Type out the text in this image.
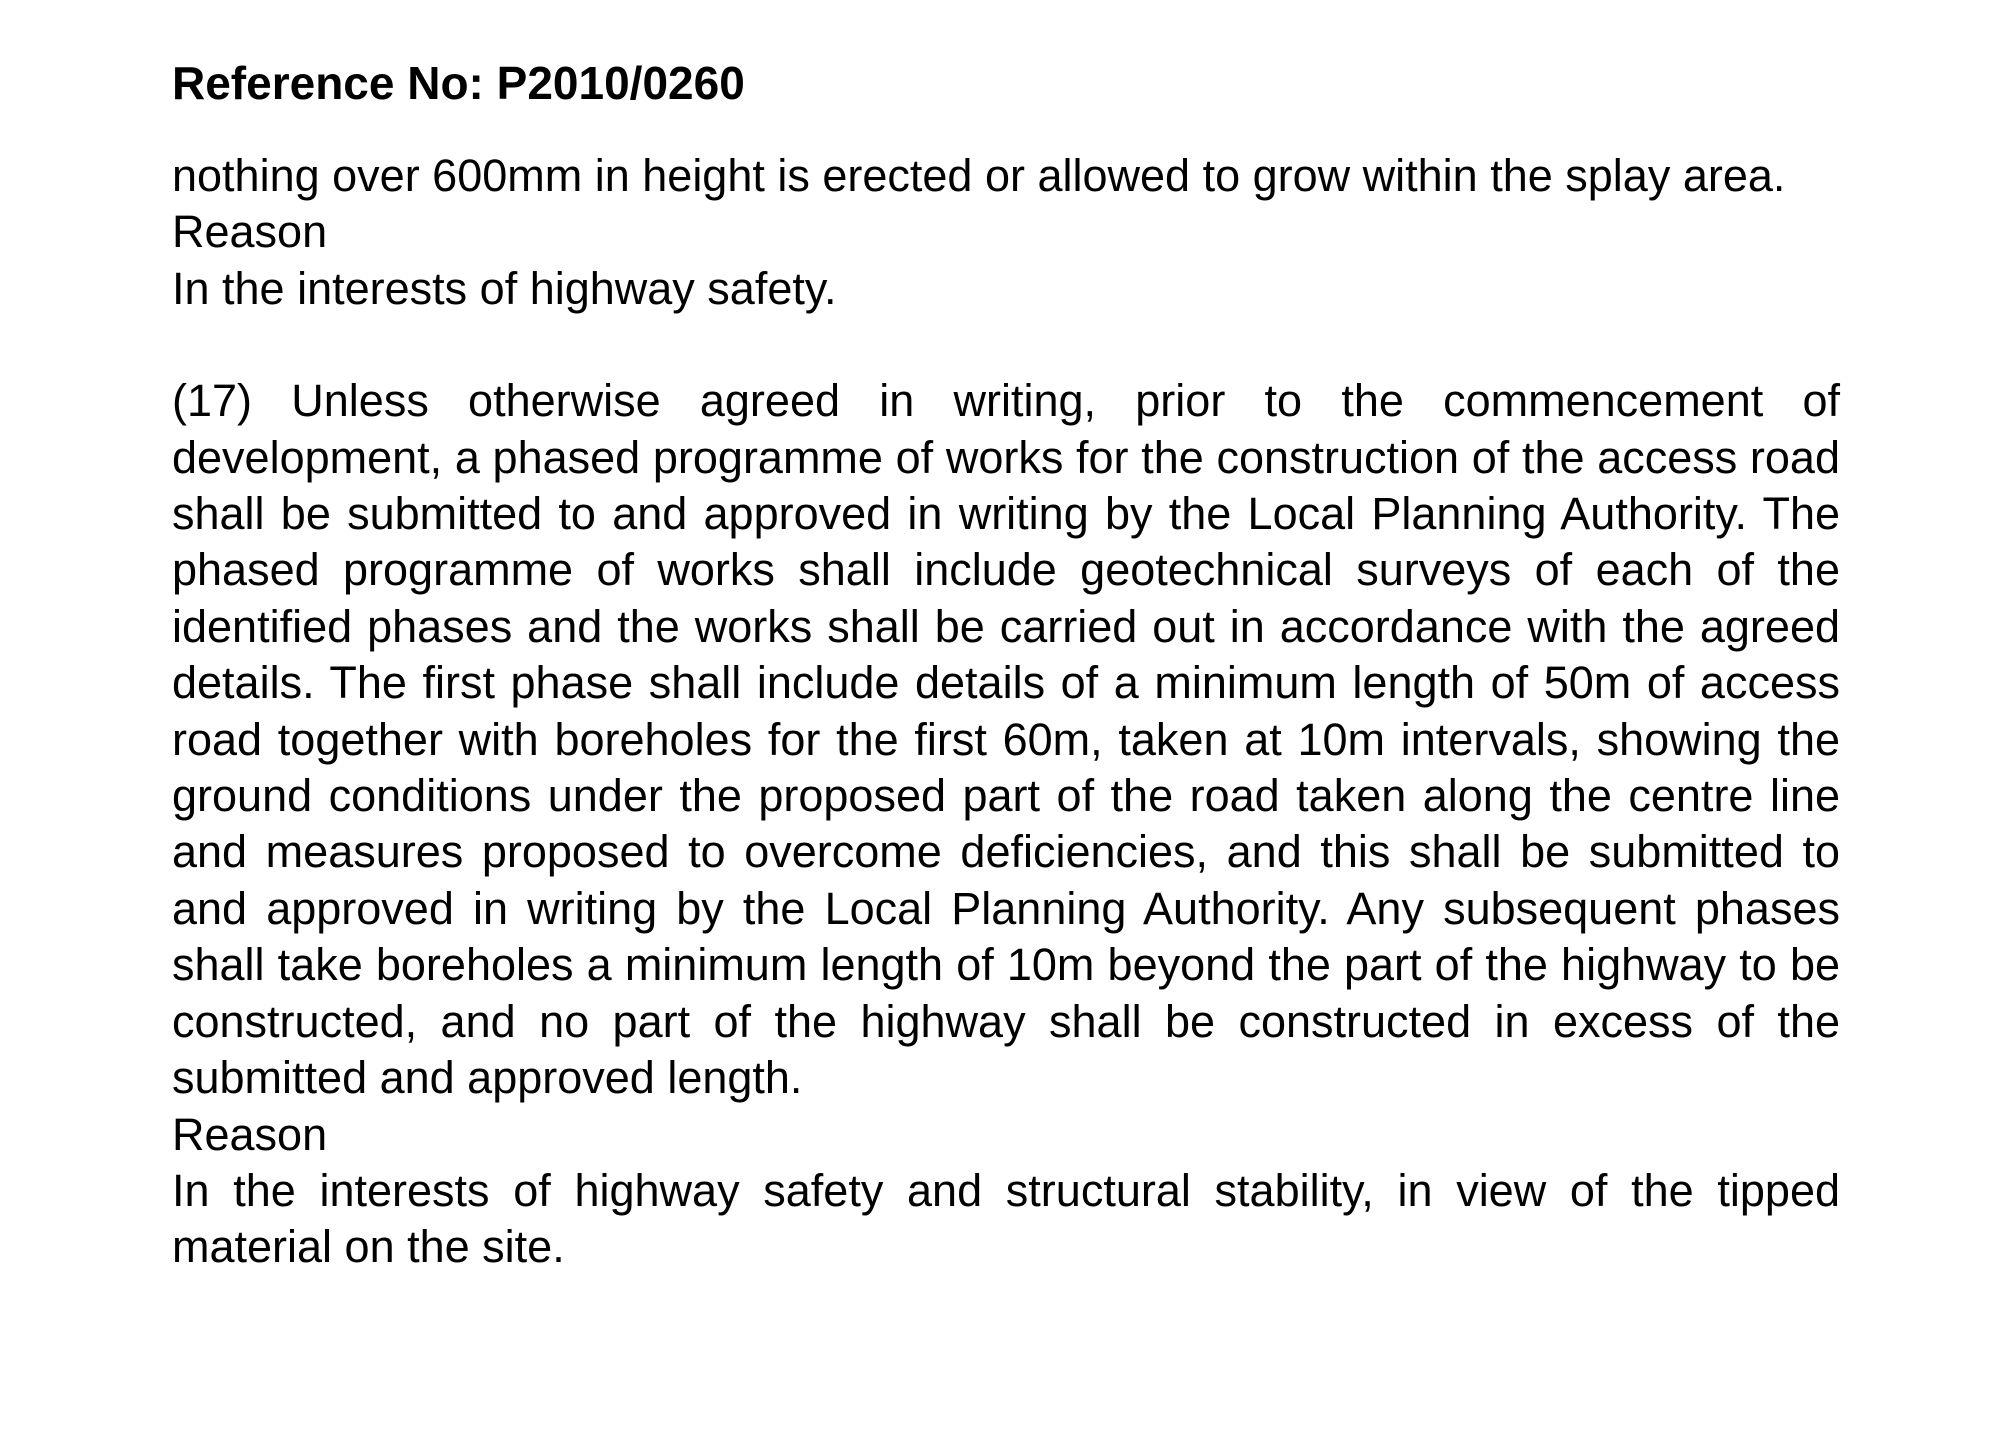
Reference No: P2010/0260

nothing over 600mm in height is erected or allowed to grow within the splay area.

Reason
In the interests of highway safety.

(17) Unless otherwise agreed in writing, prior to the commencement of development, a phased programme of works for the construction of the access road shall be submitted to and approved in writing by the Local Planning Authority. The phased programme of works shall include geotechnical surveys of each of the identified phases and the works shall be carried out in accordance with the agreed details. The first phase shall include details of a minimum length of 50m of access road together with boreholes for the first 60m, taken at 10m intervals, showing the ground conditions under the proposed part of the road taken along the centre line and measures proposed to overcome deficiencies, and this shall be submitted to and approved in writing by the Local Planning Authority. Any subsequent phases shall take boreholes a minimum length of 10m beyond the part of the highway to be constructed, and no part of the highway shall be constructed in excess of the submitted and approved length.

Reason

In the interests of highway safety and structural stability, in view of the tipped material on the site.
